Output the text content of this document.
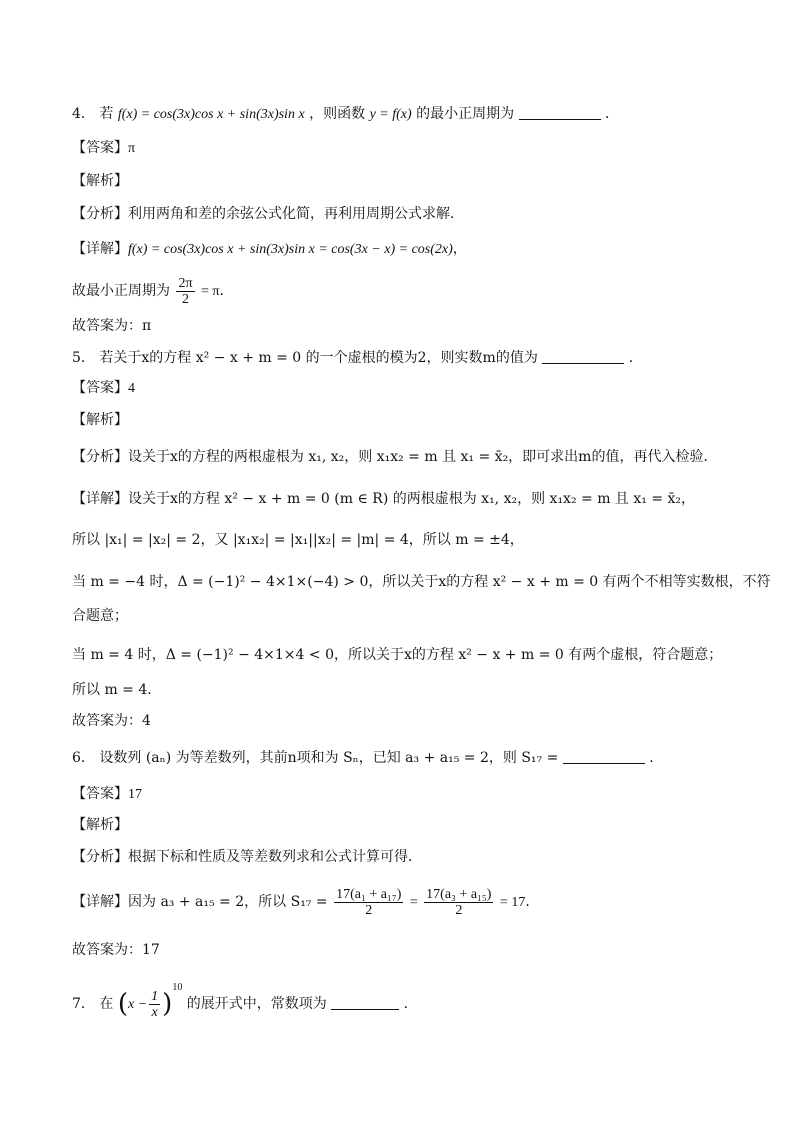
4． 若 f(x) = cos(3x)cos x + sin(3x)sin x ，则函数 y = f(x) 的最小正周期为	．
【答案】π
【解析】
【分析】利用两角和差的余弦公式化简，再利用周期公式求解．
【详解】f(x) = cos(3x)cos x + sin(3x)sin x = cos(3x − x) = cos(2x)，
故最小正周期为 $\frac{2\pi}{2} = \pi$．
故答案为：π
5． 若关于x的方程 x² − x + m = 0 的一个虚根的模为2，则实数m的值为	．
【答案】4
【解析】
【分析】设关于x的方程的两根虚根为 x₁, x₂，则 x₁x₂ = m 且 x₁ = x̄₂，即可求出m的值，再代入检验．
【详解】设关于x的方程 x² − x + m = 0 (m ∈ R) 的两根虚根为 x₁, x₂，则 x₁x₂ = m 且 x₁ = x̄₂，
所以 |x₁| = |x₂| = 2，又 |x₁x₂| = |x₁||x₂| = |m| = 4，所以 m = ±4，
当 m = −4 时，Δ = (−1)² − 4×1×(−4) > 0，所以关于x的方程 x² − x + m = 0 有两个不相等实数根，不符
合题意；
当 m = 4 时，Δ = (−1)² − 4×1×4 < 0，所以关于x的方程 x² − x + m = 0 有两个虚根，符合题意；
所以 m = 4．
故答案为：4
6． 设数列 (aₙ) 为等差数列，其前n项和为 Sₙ，已知 a₃ + a₁₅ = 2，则 S₁₇ =	．
【答案】17
【解析】
【分析】根据下标和性质及等差数列求和公式计算可得．
【详解】因为 a₃ + a₁₅ = 2，所以 $S_{17} = \frac{\text{17(a₁ + a₁₇)}}{2} = \frac{\text{17(a₃ + a₁₅)}}{2} = 17$．
故答案为：17
7． 在 $(x - \frac{1}{x} )^{10}$ 的展开式中，常数项为	．
